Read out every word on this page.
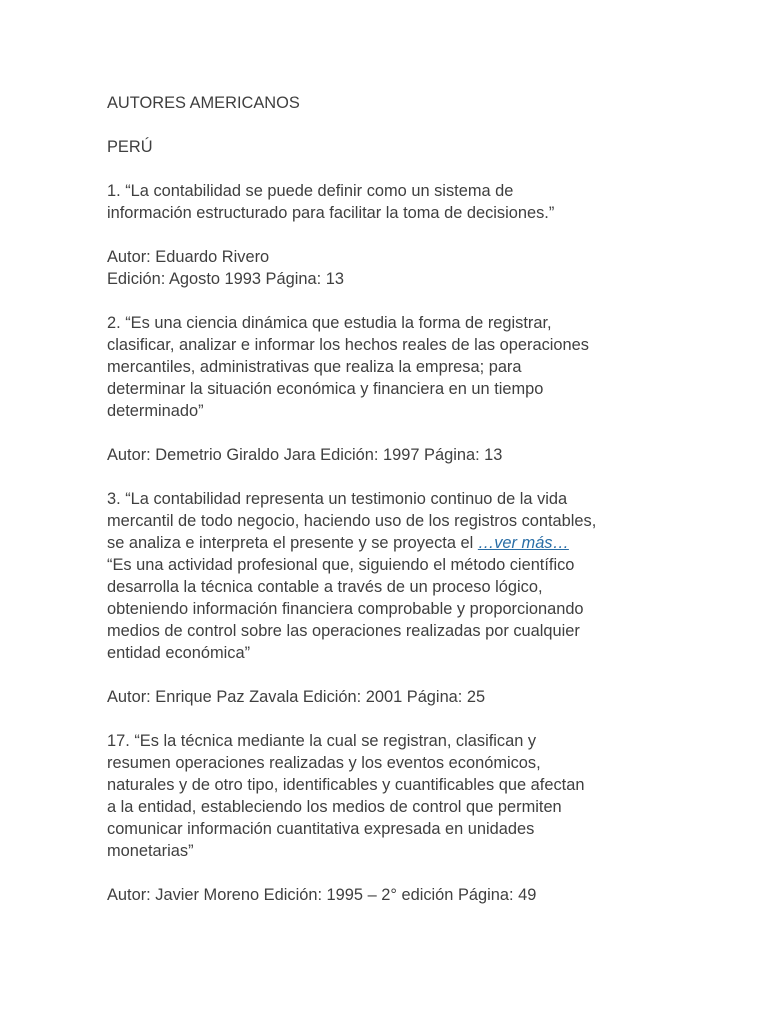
AUTORES AMERICANOS

PERÚ

1. “La contabilidad se puede definir como un sistema de
información estructurado para facilitar la toma de decisiones.”

Autor: Eduardo Rivero
Edición: Agosto 1993 Página: 13

2. “Es una ciencia dinámica que estudia la forma de registrar,
clasificar, analizar e informar los hechos reales de las operaciones
mercantiles, administrativas que realiza la empresa; para
determinar la situación económica y financiera en un tiempo
determinado”

Autor: Demetrio Giraldo Jara Edición: 1997 Página: 13

3. “La contabilidad representa un testimonio continuo de la vida
mercantil de todo negocio, haciendo uso de los registros contables,
se analiza e interpreta el presente y se proyecta el …ver más…
“Es una actividad profesional que, siguiendo el método científico
desarrolla la técnica contable a través de un proceso lógico,
obteniendo información financiera comprobable y proporcionando
medios de control sobre las operaciones realizadas por cualquier
entidad económica”

Autor: Enrique Paz Zavala Edición: 2001 Página: 25

17. “Es la técnica mediante la cual se registran, clasifican y
resumen operaciones realizadas y los eventos económicos,
naturales y de otro tipo, identificables y cuantificables que afectan
a la entidad, estableciendo los medios de control que permiten
comunicar información cuantitativa expresada en unidades
monetarias”

Autor: Javier Moreno Edición: 1995 – 2° edición Página: 49
